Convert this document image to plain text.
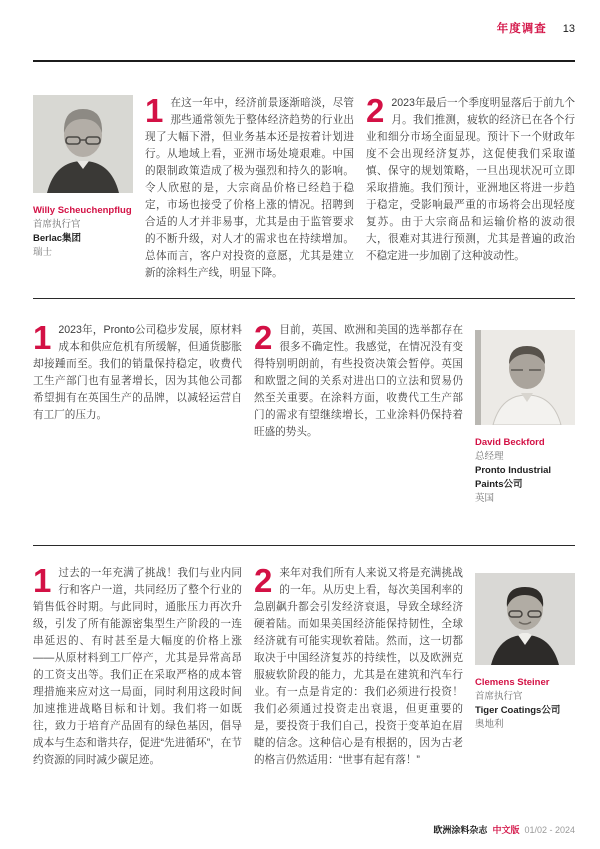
年度调查 13
Willy Scheuchenpflug
首席执行官
Berlac集团
瑞士

1 在这一年中，经济前景逐渐暗淡，尽管那些通常领先于整体经济趋势的行业出现了大幅下滑，但业务基本还是按着计划进行。从地域上看，亚洲市场处境艰难。中国的限制政策造成了极为强烈和持久的影响。令人欣慰的是，大宗商品价格已经趋于稳定，市场也接受了价格上涨的情况。招聘到合适的人才并非易事，尤其是由于监管要求的不断升级，对人才的需求也在持续增加。总体而言，客户对投资的意愿，尤其是建立新的涂料生产线，明显下降。

2 2023年最后一个季度明显落后于前九个月。我们推测，疲软的经济已在各个行业和细分市场全面显现。预计下一个财政年度不会出现经济复苏，这促使我们采取谨慎、保守的规划策略，一旦出现状况可立即采取措施。我们预计，亚洲地区将进一步趋于稳定，受影响最严重的市场将会出现轻度复苏。由于大宗商品和运输价格的波动很大，很难对其进行预测，尤其是普遍的政治不稳定进一步加剧了这种波动性。

1 2023年，Pronto公司稳步发展，原材料成本和供应危机有所缓解，但通货膨胀却接踵而至。我们的销量保持稳定，收费代工生产部门也有显著增长，因为其他公司都希望拥有在英国生产的品牌，以减轻运营自有工厂的压力。

2 目前，英国、欧洲和美国的选举都存在很多不确定性。我感觉，在情况没有变得特别明朗前，有些投资决策会暂停。英国和欧盟之间的关系对进出口的立法和贸易仍然至关重要。在涂料方面，收费代工生产部门的需求有望继续增长，工业涂料仍保持着旺盛的势头。

David Beckford
总经理
Pronto Industrial Paints公司
英国

1 过去的一年充满了挑战！我们与业内同行和客户一道，共同经历了整个行业的销售低谷时期。与此同时，通胀压力再次升级，引发了所有能源密集型生产阶段的一连串延迟的、有时甚至是大幅度的价格上涨——从原材料到工厂停产，尤其是异常高昂的工资支出等。我们正在采取严格的成本管理措施来应对这一局面，同时利用这段时间加速推进战略目标和计划。我们将一如既往，致力于培育产品固有的绿色基因，倡导成本与生态和谐共存，促进“先进循环”，在节约资源的同时减少碳足迹。

2 来年对我们所有人来说又将是充满挑战的一年。从历史上看，每次美国利率的急剧飙升都会引发经济衰退，导致全球经济硬着陆。而如果美国经济能保持韧性，全球经济就有可能实现软着陆。然而，这一切都取决于中国经济复苏的持续性，以及欧洲克服疲软阶段的能力，尤其是在建筑和汽车行业。有一点是肯定的：我们必须进行投资！我们必须通过投资走出衰退，但更重要的是，要投资于我们自己，投资于变革迫在眉睫的信念。这种信心是有根据的，因为古老的格言仍然适用：“世事有起有落！”

Clemens Steiner
首席执行官
Tiger Coatings公司
奥地利
欧洲涂料杂志 中文版 01/02 - 2024
